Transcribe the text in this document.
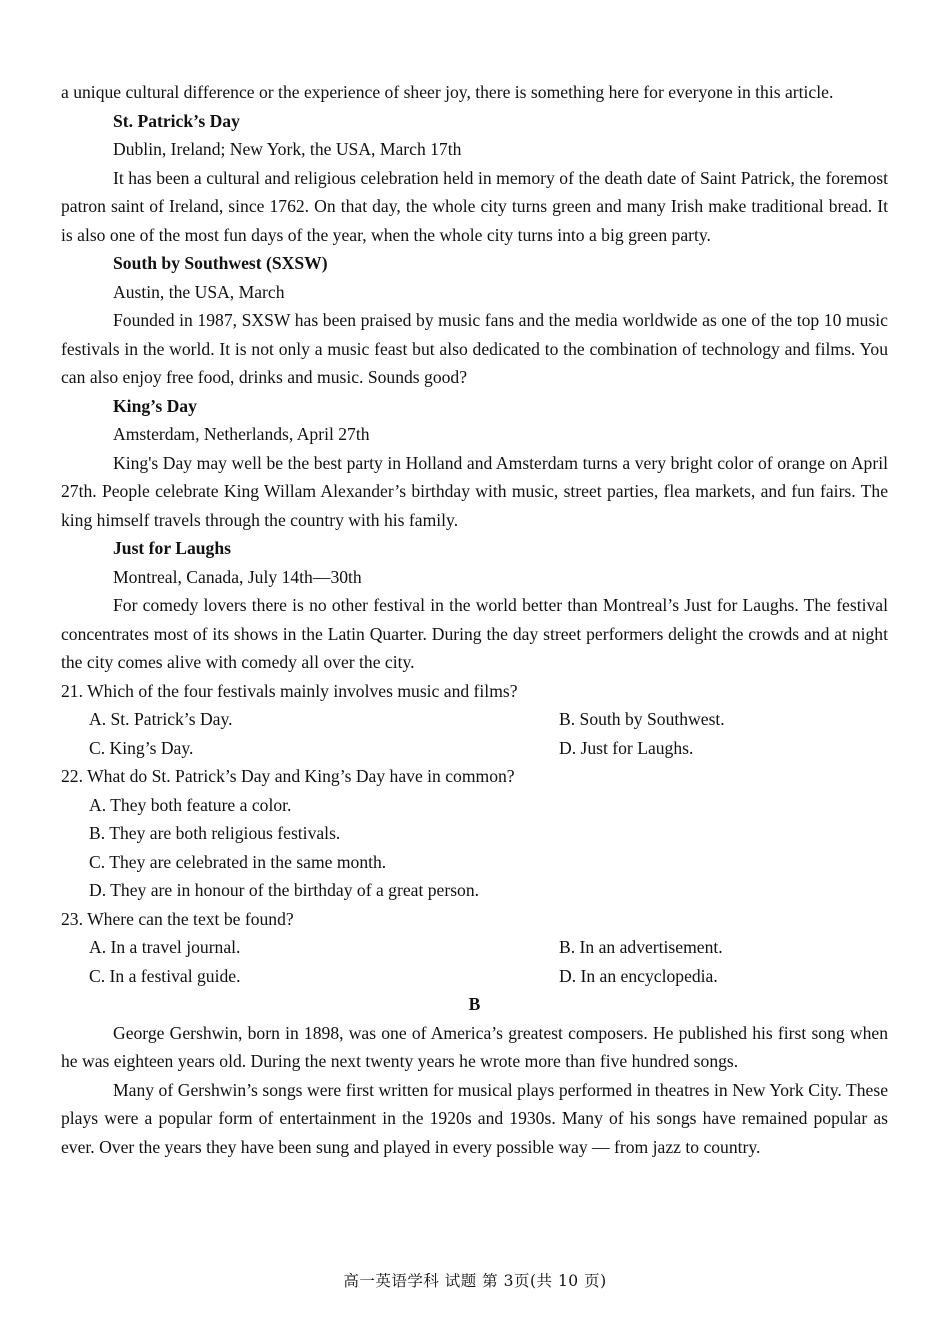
a unique cultural difference or the experience of sheer joy, there is something here for everyone in this article.

St. Patrick’s Day

Dublin, Ireland; New York, the USA, March 17th

It has been a cultural and religious celebration held in memory of the death date of Saint Patrick, the foremost patron saint of Ireland, since 1762. On that day, the whole city turns green and many Irish make traditional bread. It is also one of the most fun days of the year, when the whole city turns into a big green party.

South by Southwest (SXSW)

Austin, the USA, March

Founded in 1987, SXSW has been praised by music fans and the media worldwide as one of the top 10 music festivals in the world. It is not only a music feast but also dedicated to the combination of technology and films. You can also enjoy free food, drinks and music. Sounds good?

King’s Day

Amsterdam, Netherlands, April 27th

King's Day may well be the best party in Holland and Amsterdam turns a very bright color of orange on April 27th. People celebrate King Willam Alexander’s birthday with music, street parties, flea markets, and fun fairs. The king himself travels through the country with his family.

Just for Laughs

Montreal, Canada, July 14th—30th

For comedy lovers there is no other festival in the world better than Montreal’s Just for Laughs. The festival concentrates most of its shows in the Latin Quarter. During the day street performers delight the crowds and at night the city comes alive with comedy all over the city.

21. Which of the four festivals mainly involves music and films?

A. St. Patrick’s Day.	B. South by Southwest.

C. King’s Day.	D. Just for Laughs.

22. What do St. Patrick’s Day and King’s Day have in common?

A. They both feature a color.

B. They are both religious festivals.

C. They are celebrated in the same month.

D. They are in honour of the birthday of a great person.

23. Where can the text be found?

A. In a travel journal.	B. In an advertisement.

C. In a festival guide.	D. In an encyclopedia.

B

George Gershwin, born in 1898, was one of America’s greatest composers. He published his first song when he was eighteen years old. During the next twenty years he wrote more than five hundred songs.

Many of Gershwin’s songs were first written for musical plays performed in theatres in New York City. These plays were a popular form of entertainment in the 1920s and 1930s. Many of his songs have remained popular as ever. Over the years they have been sung and played in every possible way — from jazz to country.

高一英语学科 试题 第 3页(共 10 页)
